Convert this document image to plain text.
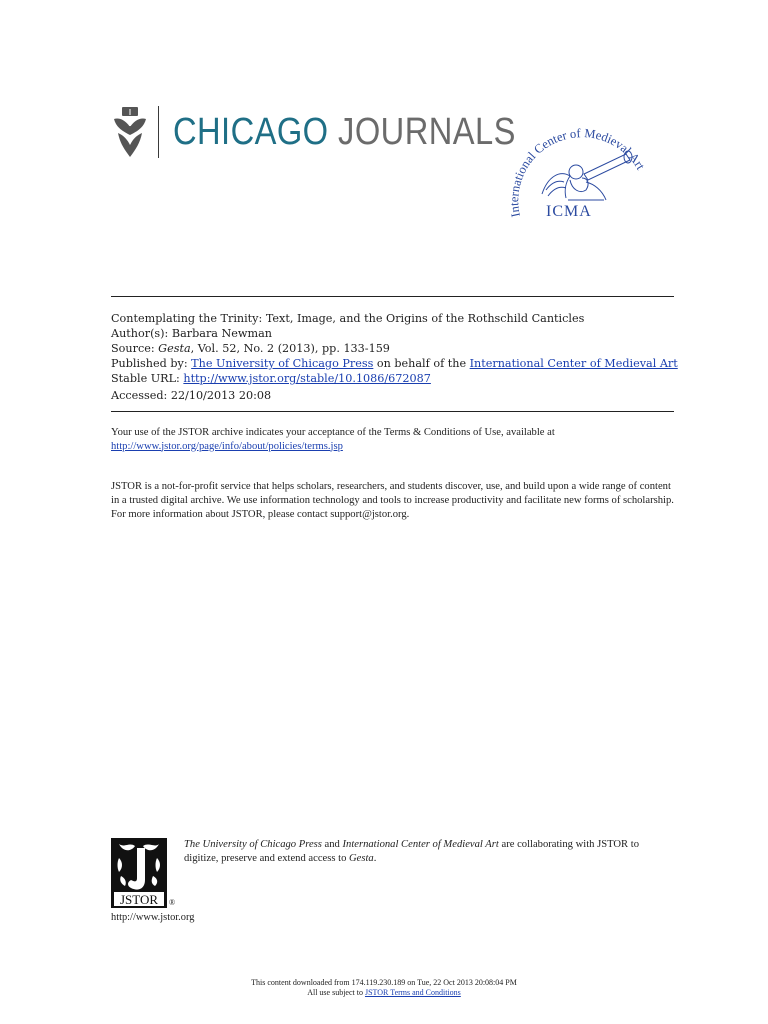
CHICAGO JOURNALS
International Center of Medieval Art
ICMA
Contemplating the Trinity: Text, Image, and the Origins of the Rothschild Canticles
Author(s): Barbara Newman
Source: Gesta, Vol. 52, No. 2 (2013), pp. 133-159
Published by: The University of Chicago Press on behalf of the International Center of Medieval Art
Stable URL: http://www.jstor.org/stable/10.1086/672087
Accessed: 22/10/2013 20:08
Your use of the JSTOR archive indicates your acceptance of the Terms & Conditions of Use, available at
http://www.jstor.org/page/info/about/policies/terms.jsp
JSTOR is a not-for-profit service that helps scholars, researchers, and students discover, use, and build upon a wide range of content in a trusted digital archive. We use information technology and tools to increase productivity and facilitate new forms of scholarship. For more information about JSTOR, please contact support@jstor.org.
JSTOR ®
http://www.jstor.org
The University of Chicago Press and International Center of Medieval Art are collaborating with JSTOR to digitize, preserve and extend access to Gesta.
This content downloaded from 174.119.230.189 on Tue, 22 Oct 2013 20:08:04 PM
All use subject to JSTOR Terms and Conditions
